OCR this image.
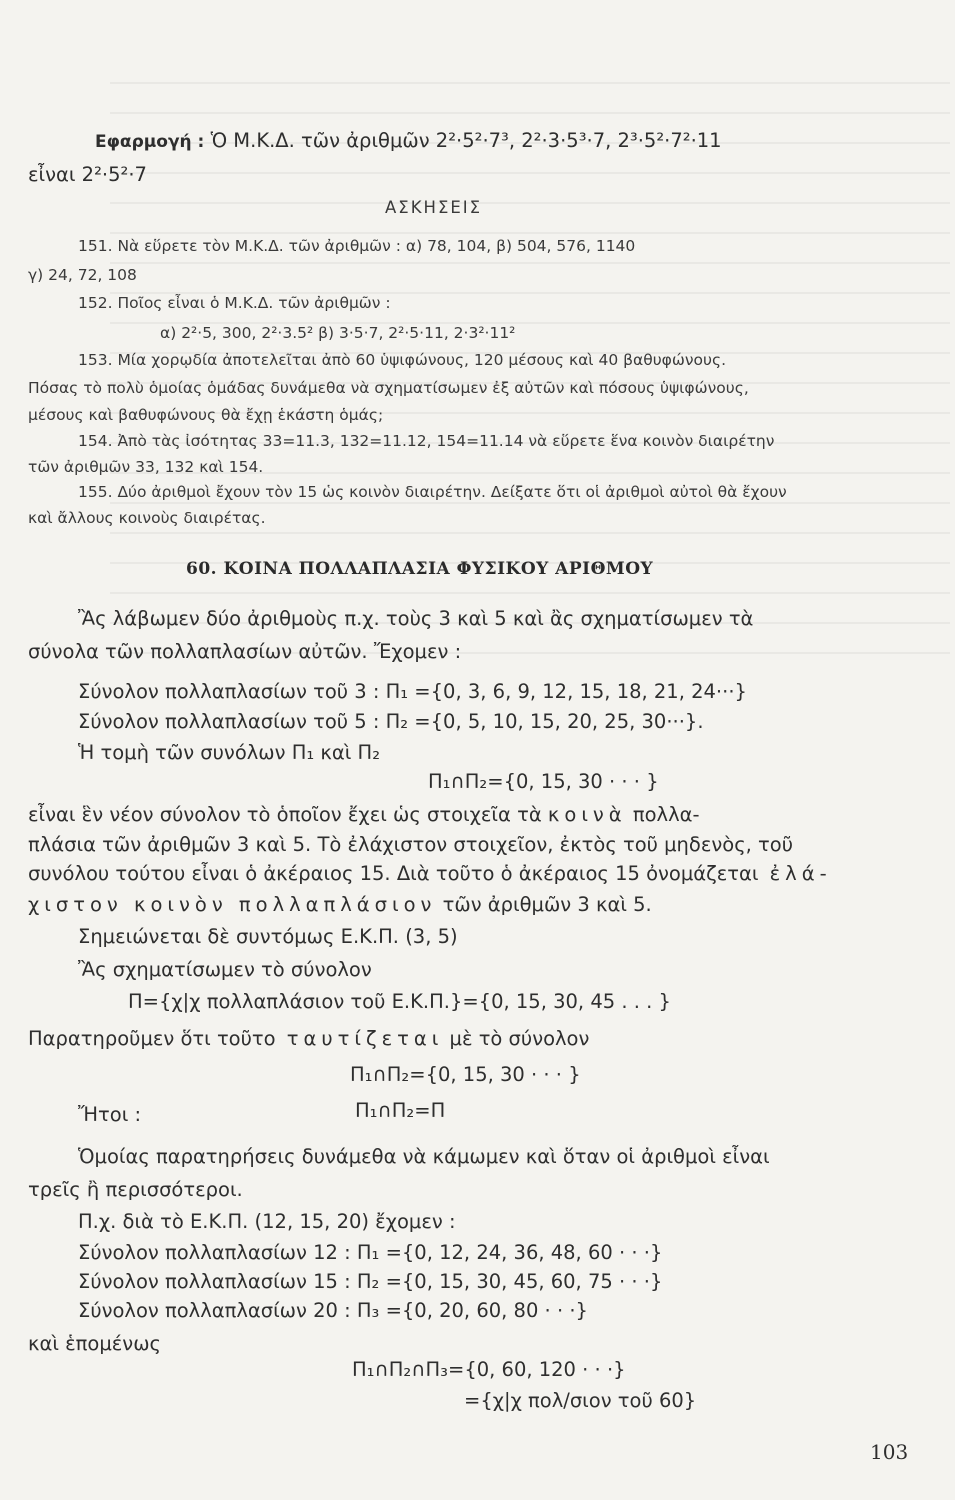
Εφαρμογή : Ὁ Μ.Κ.Δ. τῶν ἀριθμῶν 2²·5²·7³, 2²·3·5³·7, 2³·5²·7²·11
εἶναι 2²·5²·7
ΑΣΚΗΣΕΙΣ
151. Νὰ εὕρετε τὸν Μ.Κ.Δ. τῶν ἀριθμῶν : α) 78, 104, β) 504, 576, 1140
γ) 24, 72, 108
152. Ποῖος εἶναι ὁ Μ.Κ.Δ. τῶν ἀριθμῶν :
α) 2²·5, 300, 2²·3.5² β) 3·5·7, 2²·5·11, 2·3²·11²
153. Μία χορῳδία ἀποτελεῖται ἀπὸ 60 ὑψιφώνους, 120 μέσους καὶ 40 βαθυφώνους.
Πόσας τὸ πολὺ ὁμοίας ὁμάδας δυνάμεθα νὰ σχηματίσωμεν ἐξ αὐτῶν καὶ πόσους ὑψιφώνους,
μέσους καὶ βαθυφώνους θὰ ἔχῃ ἑκάστη ὁμάς;
154. Ἀπὸ τὰς ἰσότητας 33=11.3, 132=11.12, 154=11.14 νὰ εὕρετε ἕνα κοινὸν διαιρέτην
τῶν ἀριθμῶν 33, 132 καὶ 154.
155. Δύο ἀριθμοὶ ἔχουν τὸν 15 ὡς κοινὸν διαιρέτην. Δείξατε ὅτι οἱ ἀριθμοὶ αὐτοὶ θὰ ἔχουν
καὶ ἄλλους κοινοὺς διαιρέτας.
60. ΚΟΙΝΑ ΠΟΛΛΑΠΛΑΣΙΑ ΦΥΣΙΚΟΥ ΑΡΙΘΜΟΥ
Ἂς λάβωμεν δύο ἀριθμοὺς π.χ. τοὺς 3 καὶ 5 καὶ ἂς σχηματίσωμεν τὰ
σύνολα τῶν πολλαπλασίων αὐτῶν. Ἔχομεν :
Σύνολον πολλαπλασίων τοῦ 3 : Π₁ ={0, 3, 6, 9, 12, 15, 18, 21, 24···}
Σύνολον πολλαπλασίων τοῦ 5 : Π₂ ={0, 5, 10, 15, 20, 25, 30···}.
Ἡ τομὴ τῶν συνόλων Π₁ καὶ Π₂
Π₁∩Π₂={0, 15, 30 · · · }
εἶναι ἓν νέον σύνολον τὸ ὁποῖον ἔχει ὡς στοιχεῖα τὰ κοινὰ πολλα-
πλάσια τῶν ἀριθμῶν 3 καὶ 5. Τὸ ἐλάχιστον στοιχεῖον, ἐκτὸς τοῦ μηδενὸς, τοῦ
συνόλου τούτου εἶναι ὁ ἀκέραιος 15. Διὰ τοῦτο ὁ ἀκέραιος 15 ὀνομάζεται ἐλά-
χιστον κοινὸν πολλαπλάσιον τῶν ἀριθμῶν 3 καὶ 5.
Σημειώνεται δὲ συντόμως Ε.Κ.Π. (3, 5)
Ἂς σχηματίσωμεν τὸ σύνολον
Π={χ|χ πολλαπλάσιον τοῦ Ε.Κ.Π.}={0, 15, 30, 45 . . . }
Παρατηροῦμεν ὅτι τοῦτο ταυτίζεται μὲ τὸ σύνολον
Π₁∩Π₂={0, 15, 30 · · · }
Ἤτοι :	Π₁∩Π₂=Π
Ὁμοίας παρατηρήσεις δυνάμεθα νὰ κάμωμεν καὶ ὅταν οἱ ἀριθμοὶ εἶναι
τρεῖς ἢ περισσότεροι.
Π.χ. διὰ τὸ Ε.Κ.Π. (12, 15, 20) ἔχομεν :
Σύνολον πολλαπλασίων 12 : Π₁ ={0, 12, 24, 36, 48, 60 · · ·}
Σύνολον πολλαπλασίων 15 : Π₂ ={0, 15, 30, 45, 60, 75 · · ·}
Σύνολον πολλαπλασίων 20 : Π₃ ={0, 20, 60, 80 · · ·}
καὶ ἑπομένως
Π₁∩Π₂∩Π₃={0, 60, 120 · · ·}
={χ|χ πολ/σιον τοῦ 60}
103
